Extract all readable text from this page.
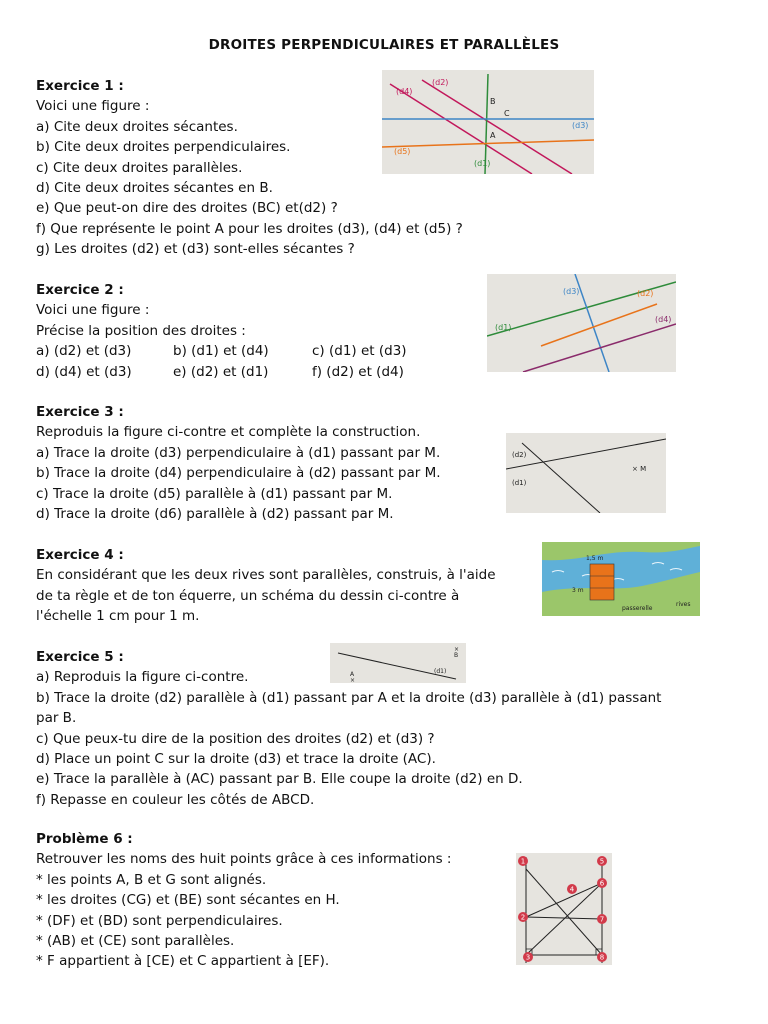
DROITES PERPENDICULAIRES ET PARALLÈLES
Exercice 1 :
Voici une figure :
a) Cite deux droites sécantes.
b) Cite deux droites perpendiculaires.
c) Cite deux droites parallèles.
d) Cite deux droites sécantes en B.
e) Que peut-on dire des droites (BC) et(d2) ?
f) Que représente le point A pour les droites (d3), (d4) et (d5) ?
g) Les droites (d2) et (d3) sont-elles sécantes ?
(d4)
(d2)
(d1)
(d5)
(d3)
A
B
C
Exercice 2 :
Voici une figure :
Précise la position des droites :
a) (d2) et (d3)	b) (d1) et (d4)	c) (d1) et (d3)
d) (d4) et (d3)	e) (d2) et (d1)	f) (d2) et (d4)
(d3)	(d2)
(d1)
(d4)
Exercice 3 :
Reproduis la figure ci-contre et complète la construction.
a) Trace la droite (d3) perpendiculaire à (d1) passant par M.
b) Trace la droite (d4) perpendiculaire à (d2) passant par M.
c) Trace la droite (d5) parallèle à (d1) passant par M.
d) Trace la droite (d6) parallèle à (d2) passant par M.
(d2)
(d1)
× M
Exercice 4 :
En considérant que les deux rives sont parallèles, construis, à l'aide
de ta règle et de ton équerre, un schéma du dessin ci-contre à
l'échelle 1 cm pour 1 m.
1,5 m
3 m
passerelle
rives
Exercice 5 :
a) Reproduis la figure ci-contre.
b) Trace la droite (d2) parallèle à (d1) passant par A et la droite (d3) parallèle à (d1) passant
par B.
c) Que peux-tu dire de la position des droites (d2) et (d3) ?
d) Place un point C sur la droite (d3) et trace la droite (AC).
e) Trace la parallèle à (AC) passant par B. Elle coupe la droite (d2) en D.
f) Repasse en couleur les côtés de ABCD.
A
×
×
B
(d1)
Problème 6 :
Retrouver les noms des huit points grâce à ces informations :
* les points A, B et G sont alignés.
* les droites (CG) et (BE) sont sécantes en H.
* (DF) et (BD) sont perpendiculaires.
* (AB) et (CE) sont parallèles.
* F appartient à [CE) et C appartient à [EF).
1
2
3
4
5
6
7
8
